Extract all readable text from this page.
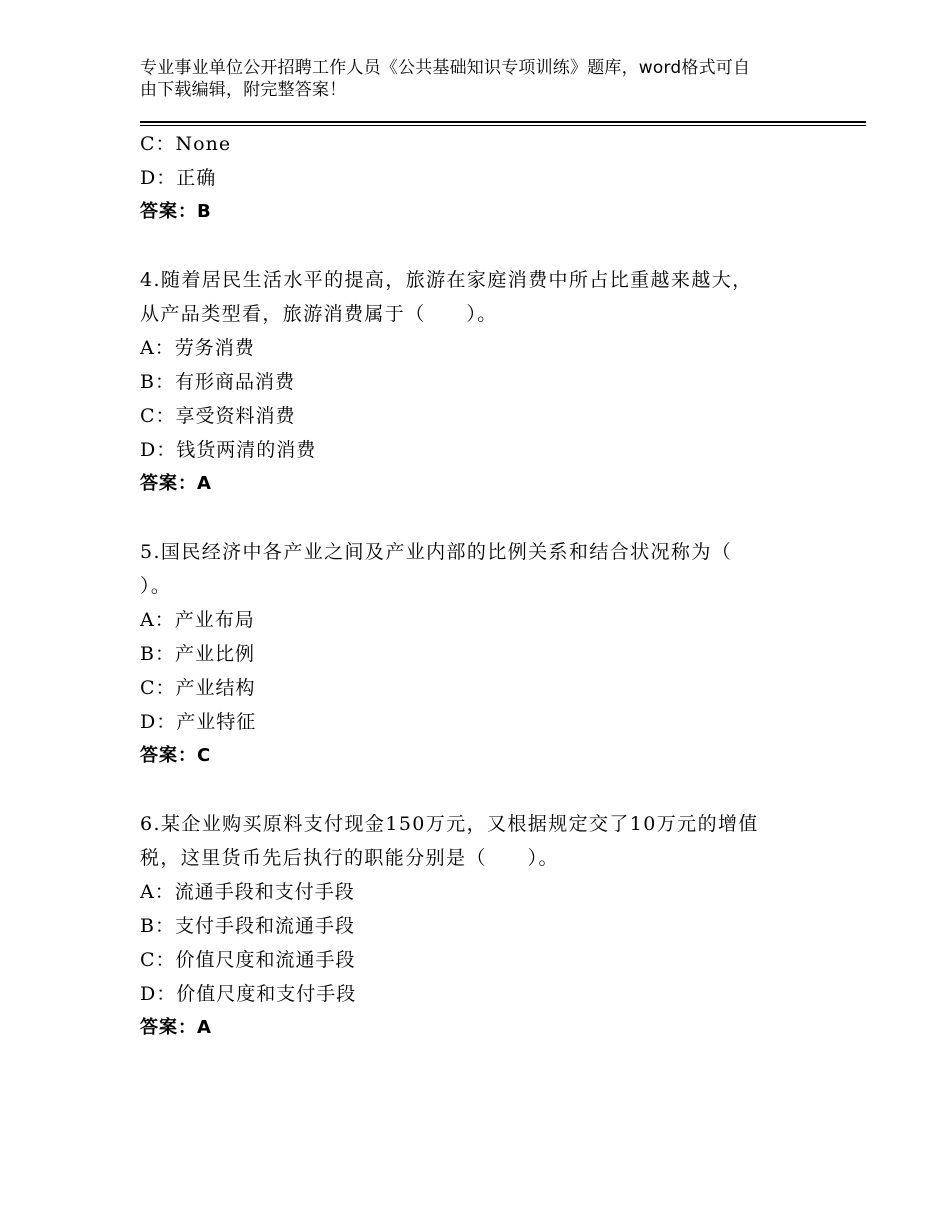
专业事业单位公开招聘工作人员《公共基础知识专项训练》题库，word格式可自
由下载编辑，附完整答案！
C：None
D：正确
答案：B
4.随着居民生活水平的提高，旅游在家庭消费中所占比重越来越大，
从产品类型看，旅游消费属于（　　）。
A：劳务消费
B：有形商品消费
C：享受资料消费
D：钱货两清的消费
答案：A
5.国民经济中各产业之间及产业内部的比例关系和结合状况称为（
）。
A：产业布局
B：产业比例
C：产业结构
D：产业特征
答案：C
6.某企业购买原料支付现金150万元，又根据规定交了10万元的增值
税，这里货币先后执行的职能分别是（　　）。
A：流通手段和支付手段
B：支付手段和流通手段
C：价值尺度和流通手段
D：价值尺度和支付手段
答案：A
